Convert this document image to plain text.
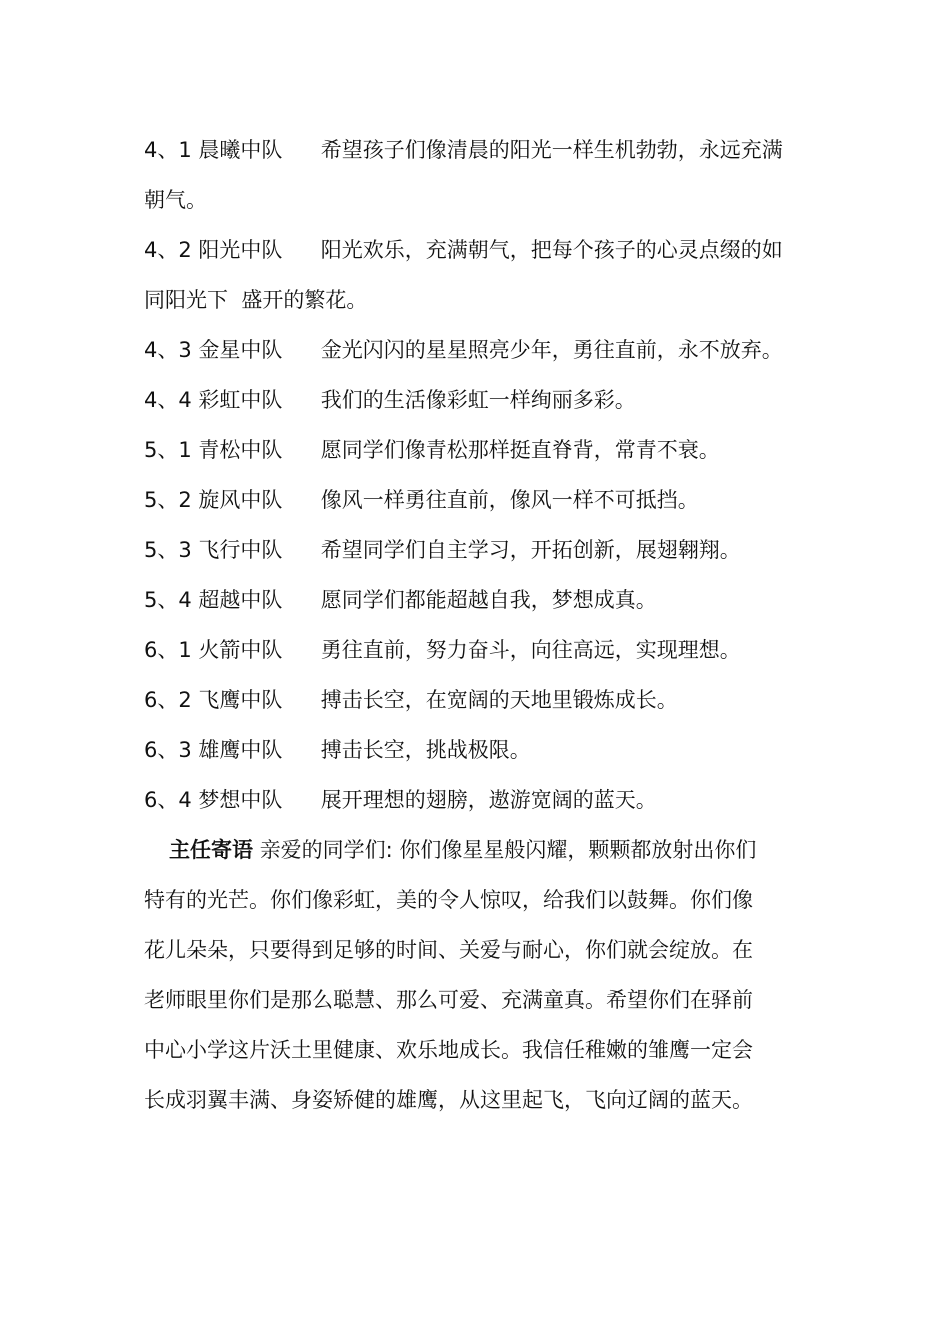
4、1 晨曦中队 希望孩子们像清晨的阳光一样生机勃勃，永远充满
朝气。
4、2 阳光中队 阳光欢乐，充满朝气，把每个孩子的心灵点缀的如
同阳光下  盛开的繁花。
4、3 金星中队 金光闪闪的星星照亮少年，勇往直前，永不放弃。
4、4 彩虹中队 我们的生活像彩虹一样绚丽多彩。
5、1 青松中队 愿同学们像青松那样挺直脊背，常青不衰。
5、2 旋风中队 像风一样勇往直前，像风一样不可抵挡。
5、3 飞行中队 希望同学们自主学习，开拓创新，展翅翱翔。
5、4 超越中队 愿同学们都能超越自我，梦想成真。
6、1 火箭中队 勇往直前，努力奋斗，向往高远，实现理想。
6、2 飞鹰中队 搏击长空，在宽阔的天地里锻炼成长。
6、3 雄鹰中队 搏击长空，挑战极限。
6、4 梦想中队 展开理想的翅膀，遨游宽阔的蓝天。
主任寄语 亲爱的同学们: 你们像星星般闪耀，颗颗都放射出你们
特有的光芒。你们像彩虹，美的令人惊叹，给我们以鼓舞。你们像
花儿朵朵，只要得到足够的时间、关爱与耐心，你们就会绽放。在
老师眼里你们是那么聪慧、那么可爱、充满童真。希望你们在驿前
中心小学这片沃土里健康、欢乐地成长。我信任稚嫩的雏鹰一定会
长成羽翼丰满、身姿矫健的雄鹰，从这里起飞，飞向辽阔的蓝天。
